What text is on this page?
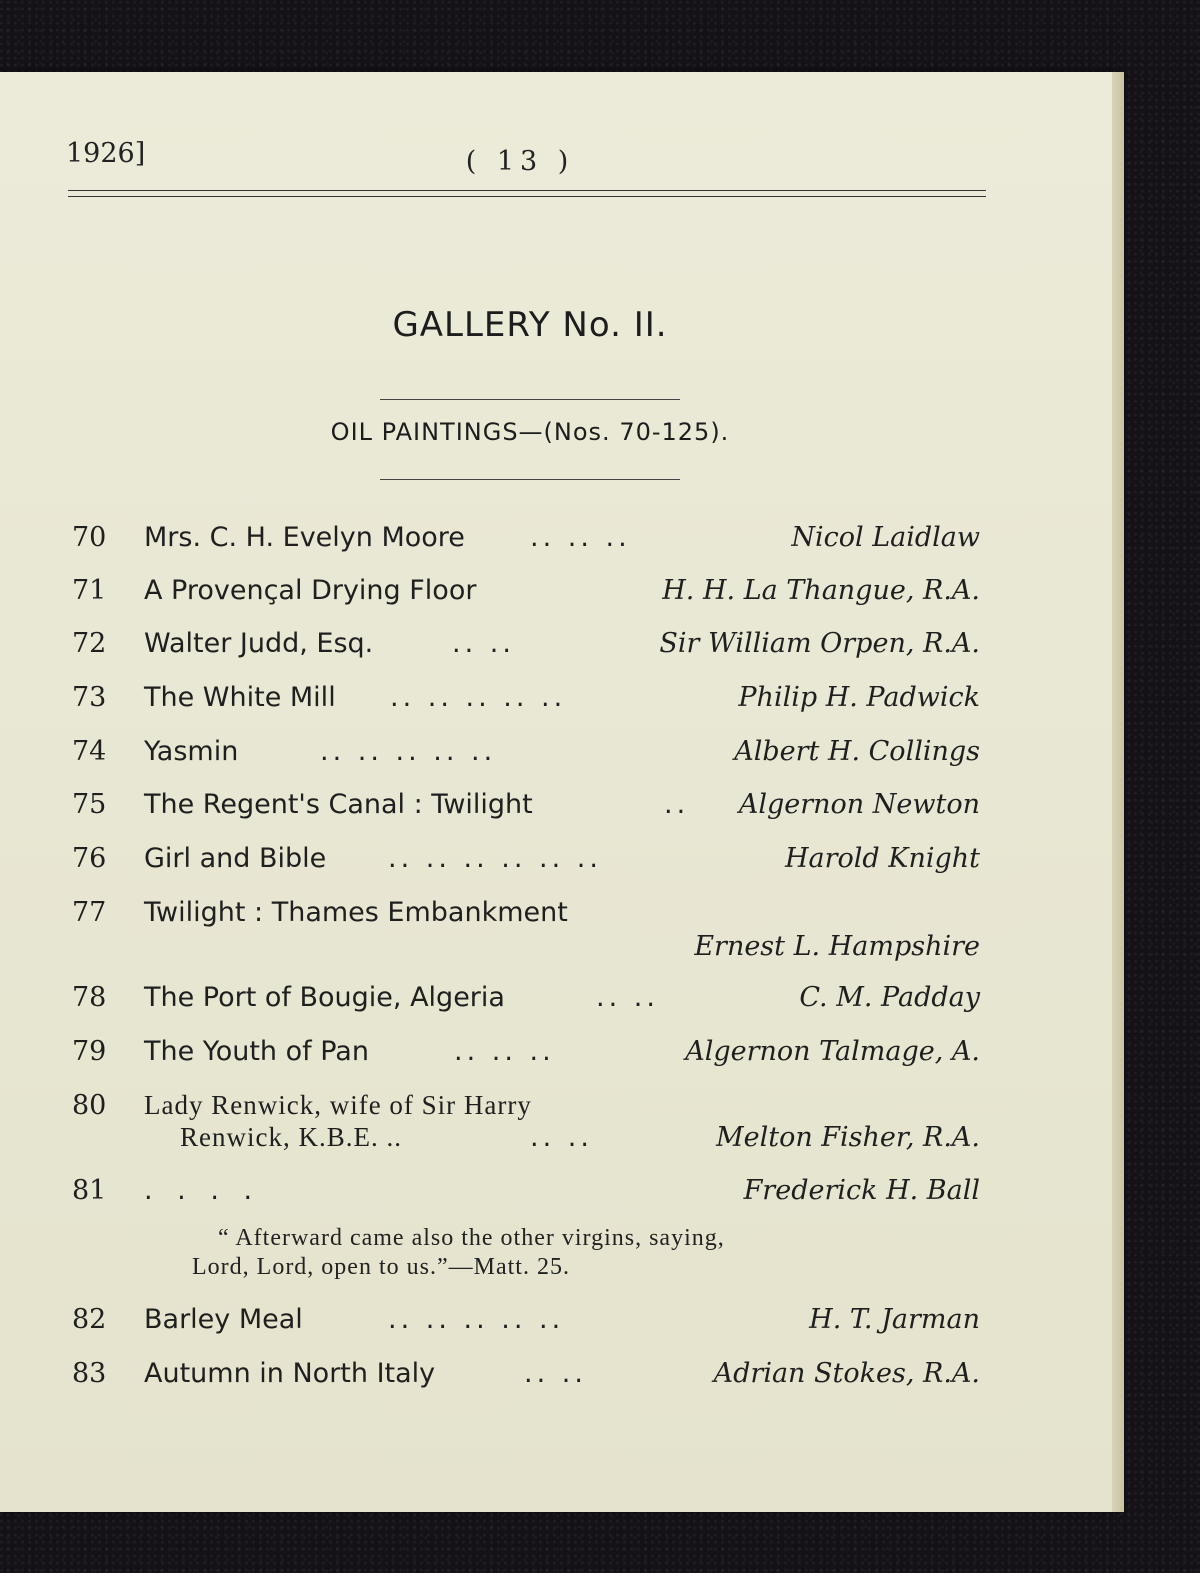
1926]	( 13 )
GALLERY No. II.
OIL PAINTINGS—(Nos. 70-125).
70 Mrs. C. H. Evelyn Moore .. .. ..	Nicol Laidlaw
71 A Provençal Drying Floor	H. H. La Thangue, R.A.
72 Walter Judd, Esq.	.. ..	Sir William Orpen, R.A.
73 The White Mill .. .. .. .. ..	Philip H. Padwick
74 Yasmin	.. .. .. .. ..	Albert H. Collings
75 The Regent's Canal : Twilight	.. Algernon Newton
76 Girl and Bible .. .. .. .. .. ..	Harold Knight
77 Twilight : Thames Embankment
Ernest L. Hampshire
78 The Port of Bougie, Algeria	.. ..	C. M. Padday
79 The Youth of Pan	.. .. ..	Algernon Talmage, A.
80 Lady Renwick, wife of Sir Harry
Renwick, K.B.E. ..	.. ..	Melton Fisher, R.A.
81 . . . .	Frederick H. Ball
“ Afterward came also the other virgins, saying,
Lord, Lord, open to us.”—Matt. 25.
82 Barley Meal	.. .. .. .. ..	H. T. Jarman
83 Autumn in North Italy	.. ..	Adrian Stokes, R.A.
